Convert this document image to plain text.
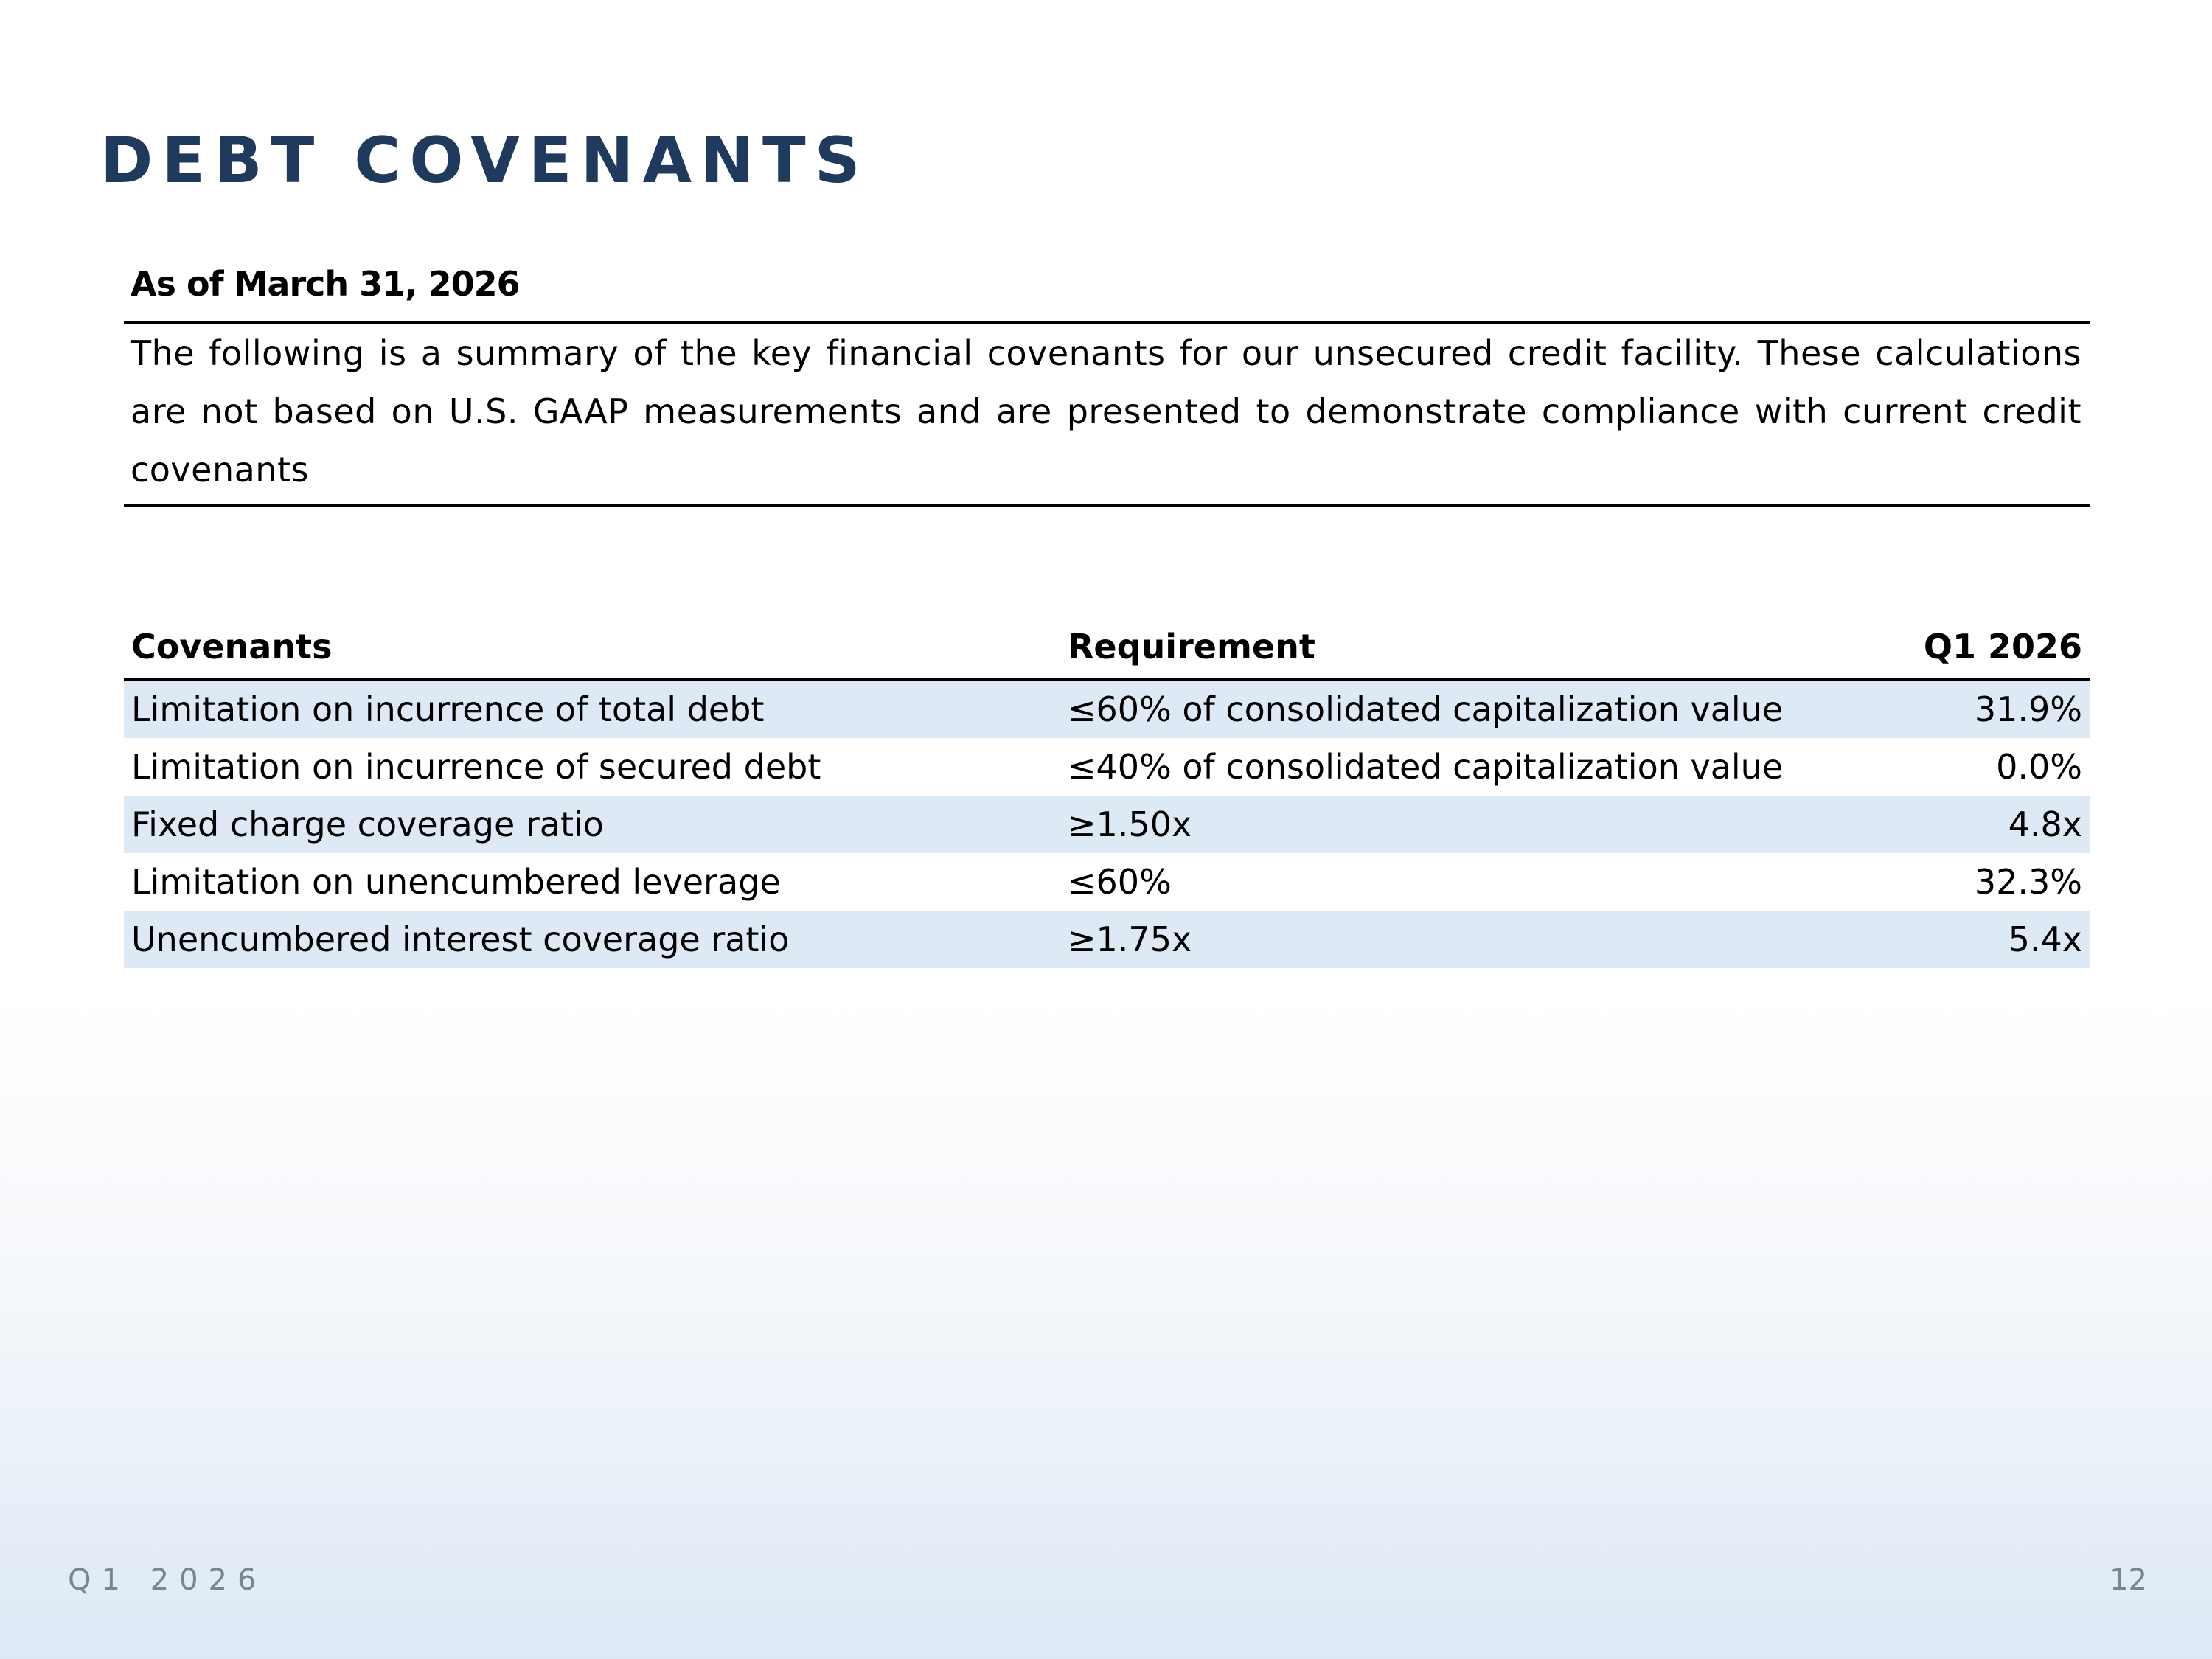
DEBT COVENANTS
As of March 31, 2026

The following is a summary of the key financial covenants for our unsecured credit facility. These calculations are not based on U.S. GAAP measurements and are presented to demonstrate compliance with current credit covenants

Covenants	Requirement	Q1 2026
Limitation on incurrence of total debt	≤60% of consolidated capitalization value	31.9%
Limitation on incurrence of secured debt	≤40% of consolidated capitalization value	0.0%
Fixed charge coverage ratio	≥1.50x	4.8x
Limitation on unencumbered leverage	≤60%	32.3%
Unencumbered interest coverage ratio	≥1.75x	5.4x
Q1 2026	12
